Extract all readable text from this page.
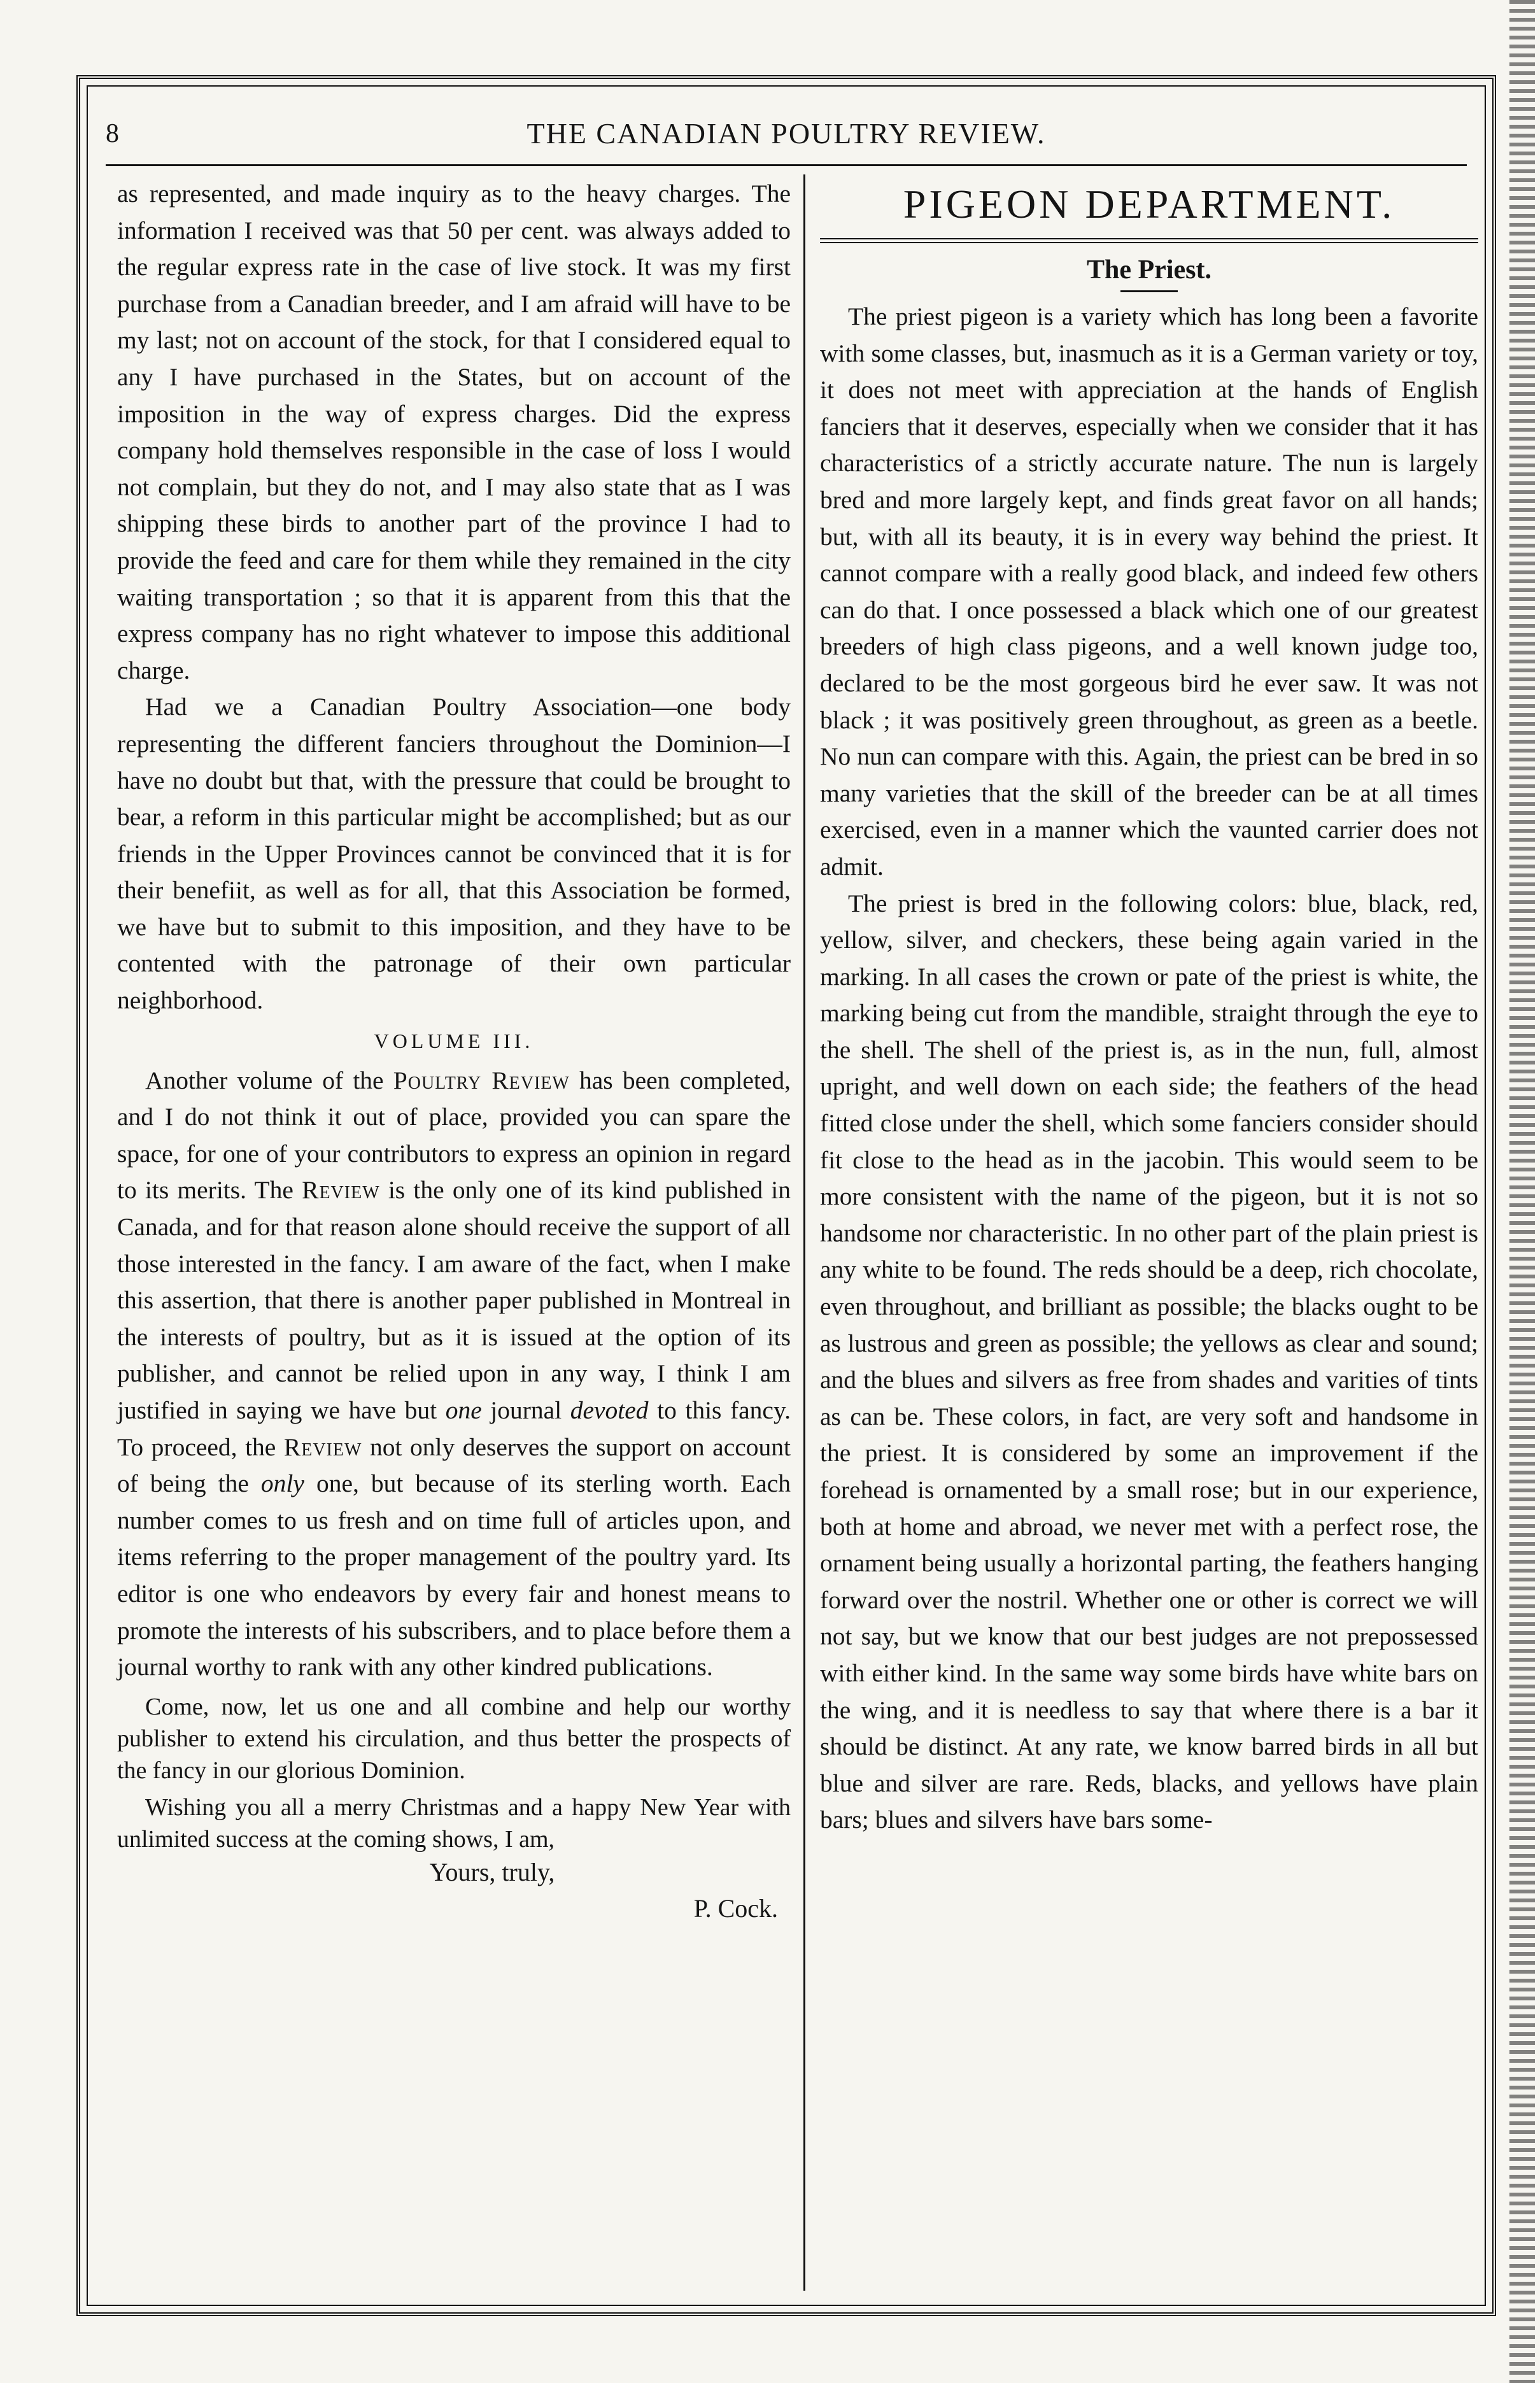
8	THE CANADIAN POULTRY REVIEW.

as represented, and made inquiry as to the heavy charges. The information I received was that 50 per cent. was always added to the regular express rate in the case of live stock. It was my first purchase from a Canadian breeder, and I am afraid will have to be my last; not on account of the stock, for that I considered equal to any I have purchased in the States, but on account of the imposition in the way of express charges. Did the express company hold themselves responsible in the case of loss I would not complain, but they do not, and I may also state that as I was shipping these birds to another part of the province I had to provide the feed and care for them while they remained in the city waiting transportation ; so that it is apparent from this that the express company has no right whatever to impose this additional charge.

Had we a Canadian Poultry Association—one body representing the different fanciers throughout the Dominion—I have no doubt but that, with the pressure that could be brought to bear, a reform in this particular might be accomplished; but as our friends in the Upper Provinces cannot be convinced that it is for their benefiit, as well as for all, that this Association be formed, we have but to submit to this imposition, and they have to be contented with the patronage of their own particular neighborhood.

VOLUME III.

Another volume of the Poultry Review has been completed, and I do not think it out of place, provided you can spare the space, for one of your contributors to express an opinion in regard to its merits. The Review is the only one of its kind published in Canada, and for that reason alone should receive the support of all those interested in the fancy. I am aware of the fact, when I make this assertion, that there is another paper published in Montreal in the interests of poultry, but as it is issued at the option of its publisher, and cannot be relied upon in any way, I think I am justified in saying we have but one journal devoted to this fancy. To proceed, the Review not only deserves the support on account of being the only one, but because of its sterling worth. Each number comes to us fresh and on time full of articles upon, and items referring to the proper management of the poultry yard. Its editor is one who endeavors by every fair and honest means to promote the interests of his subscribers, and to place before them a journal worthy to rank with any other kindred publications.

Come, now, let us one and all combine and help our worthy publisher to extend his circulation, and thus better the prospects of the fancy in our glorious Dominion.

Wishing you all a merry Christmas and a happy New Year with unlimited success at the coming shows, I am,

Yours, truly,

P. Cock.

PIGEON DEPARTMENT.
The Priest.

The priest pigeon is a variety which has long been a favorite with some classes, but, inasmuch as it is a German variety or toy, it does not meet with appreciation at the hands of English fanciers that it deserves, especially when we consider that it has characteristics of a strictly accurate nature. The nun is largely bred and more largely kept, and finds great favor on all hands; but, with all its beauty, it is in every way behind the priest. It cannot compare with a really good black, and indeed few others can do that. I once possessed a black which one of our greatest breeders of high class pigeons, and a well known judge too, declared to be the most gorgeous bird he ever saw. It was not black ; it was positively green throughout, as green as a beetle. No nun can compare with this. Again, the priest can be bred in so many varieties that the skill of the breeder can be at all times exercised, even in a manner which the vaunted carrier does not admit.

The priest is bred in the following colors: blue, black, red, yellow, silver, and checkers, these being again varied in the marking. In all cases the crown or pate of the priest is white, the marking being cut from the mandible, straight through the eye to the shell. The shell of the priest is, as in the nun, full, almost upright, and well down on each side; the feathers of the head fitted close under the shell, which some fanciers consider should fit close to the head as in the jacobin. This would seem to be more consistent with the name of the pigeon, but it is not so handsome nor characteristic. In no other part of the plain priest is any white to be found. The reds should be a deep, rich chocolate, even throughout, and brilliant as possible; the blacks ought to be as lustrous and green as possible; the yellows as clear and sound; and the blues and silvers as free from shades and varities of tints as can be. These colors, in fact, are very soft and handsome in the priest. It is considered by some an improvement if the forehead is ornamented by a small rose; but in our experience, both at home and abroad, we never met with a perfect rose, the ornament being usually a horizontal parting, the feathers hanging forward over the nostril. Whether one or other is correct we will not say, but we know that our best judges are not prepossessed with either kind. In the same way some birds have white bars on the wing, and it is needless to say that where there is a bar it should be distinct. At any rate, we know barred birds in all but blue and silver are rare. Reds, blacks, and yellows have plain bars; blues and silvers have bars some-
